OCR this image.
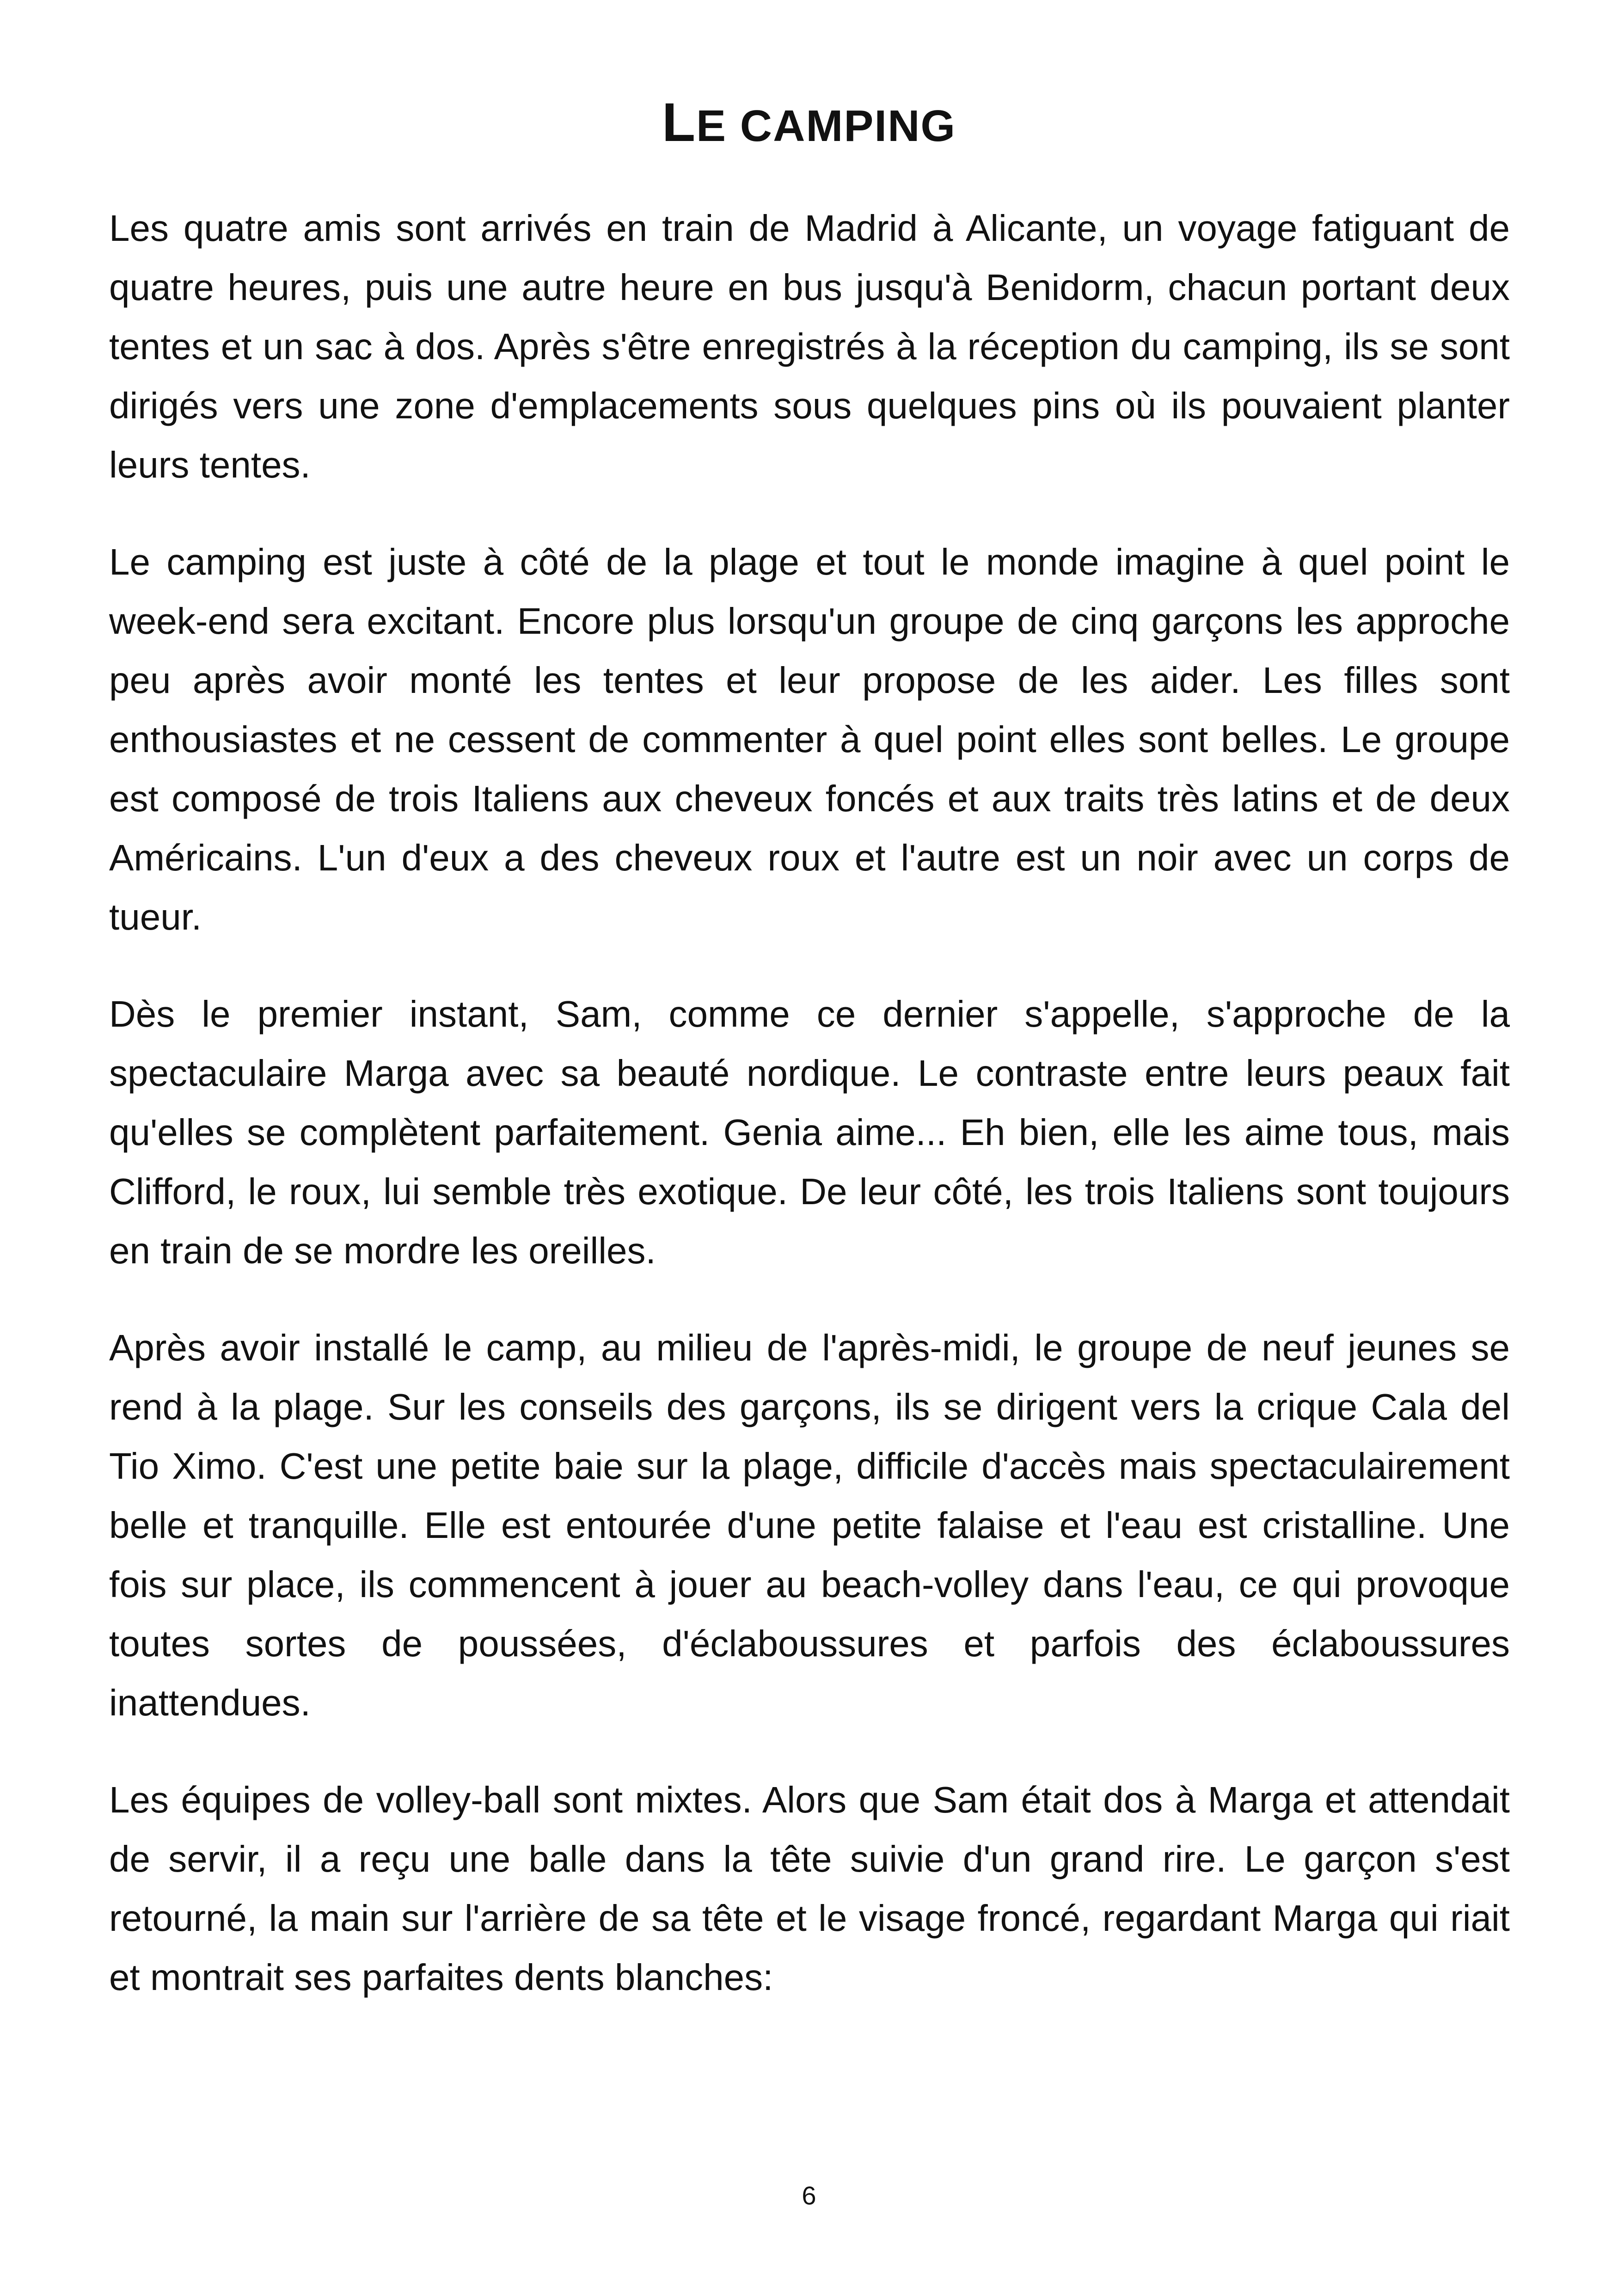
LE CAMPING

Les quatre amis sont arrivés en train de Madrid à Alicante, un voyage fatiguant de quatre heures, puis une autre heure en bus jusqu'à Benidorm, chacun portant deux tentes et un sac à dos. Après s'être enregistrés à la réception du camping, ils se sont dirigés vers une zone d'emplacements sous quelques pins où ils pouvaient planter leurs tentes.

Le camping est juste à côté de la plage et tout le monde imagine à quel point le week-end sera excitant. Encore plus lorsqu'un groupe de cinq garçons les approche peu après avoir monté les tentes et leur propose de les aider. Les filles sont enthousiastes et ne cessent de commenter à quel point elles sont belles. Le groupe est composé de trois Italiens aux cheveux foncés et aux traits très latins et de deux Américains. L'un d'eux a des cheveux roux et l'autre est un noir avec un corps de tueur.

Dès le premier instant, Sam, comme ce dernier s'appelle, s'approche de la spectaculaire Marga avec sa beauté nordique. Le contraste entre leurs peaux fait qu'elles se complètent parfaitement. Genia aime... Eh bien, elle les aime tous, mais Clifford, le roux, lui semble très exotique. De leur côté, les trois Italiens sont toujours en train de se mordre les oreilles.

Après avoir installé le camp, au milieu de l'après-midi, le groupe de neuf jeunes se rend à la plage. Sur les conseils des garçons, ils se dirigent vers la crique Cala del Tio Ximo. C'est une petite baie sur la plage, difficile d'accès mais spectaculairement belle et tranquille. Elle est entourée d'une petite falaise et l'eau est cristalline. Une fois sur place, ils commencent à jouer au beach-volley dans l'eau, ce qui provoque toutes sortes de poussées, d'éclaboussures et parfois des éclaboussures inattendues.

Les équipes de volley-ball sont mixtes. Alors que Sam était dos à Marga et attendait de servir, il a reçu une balle dans la tête suivie d'un grand rire. Le garçon s'est retourné, la main sur l'arrière de sa tête et le visage froncé, regardant Marga qui riait et montrait ses parfaites dents blanches:

6
